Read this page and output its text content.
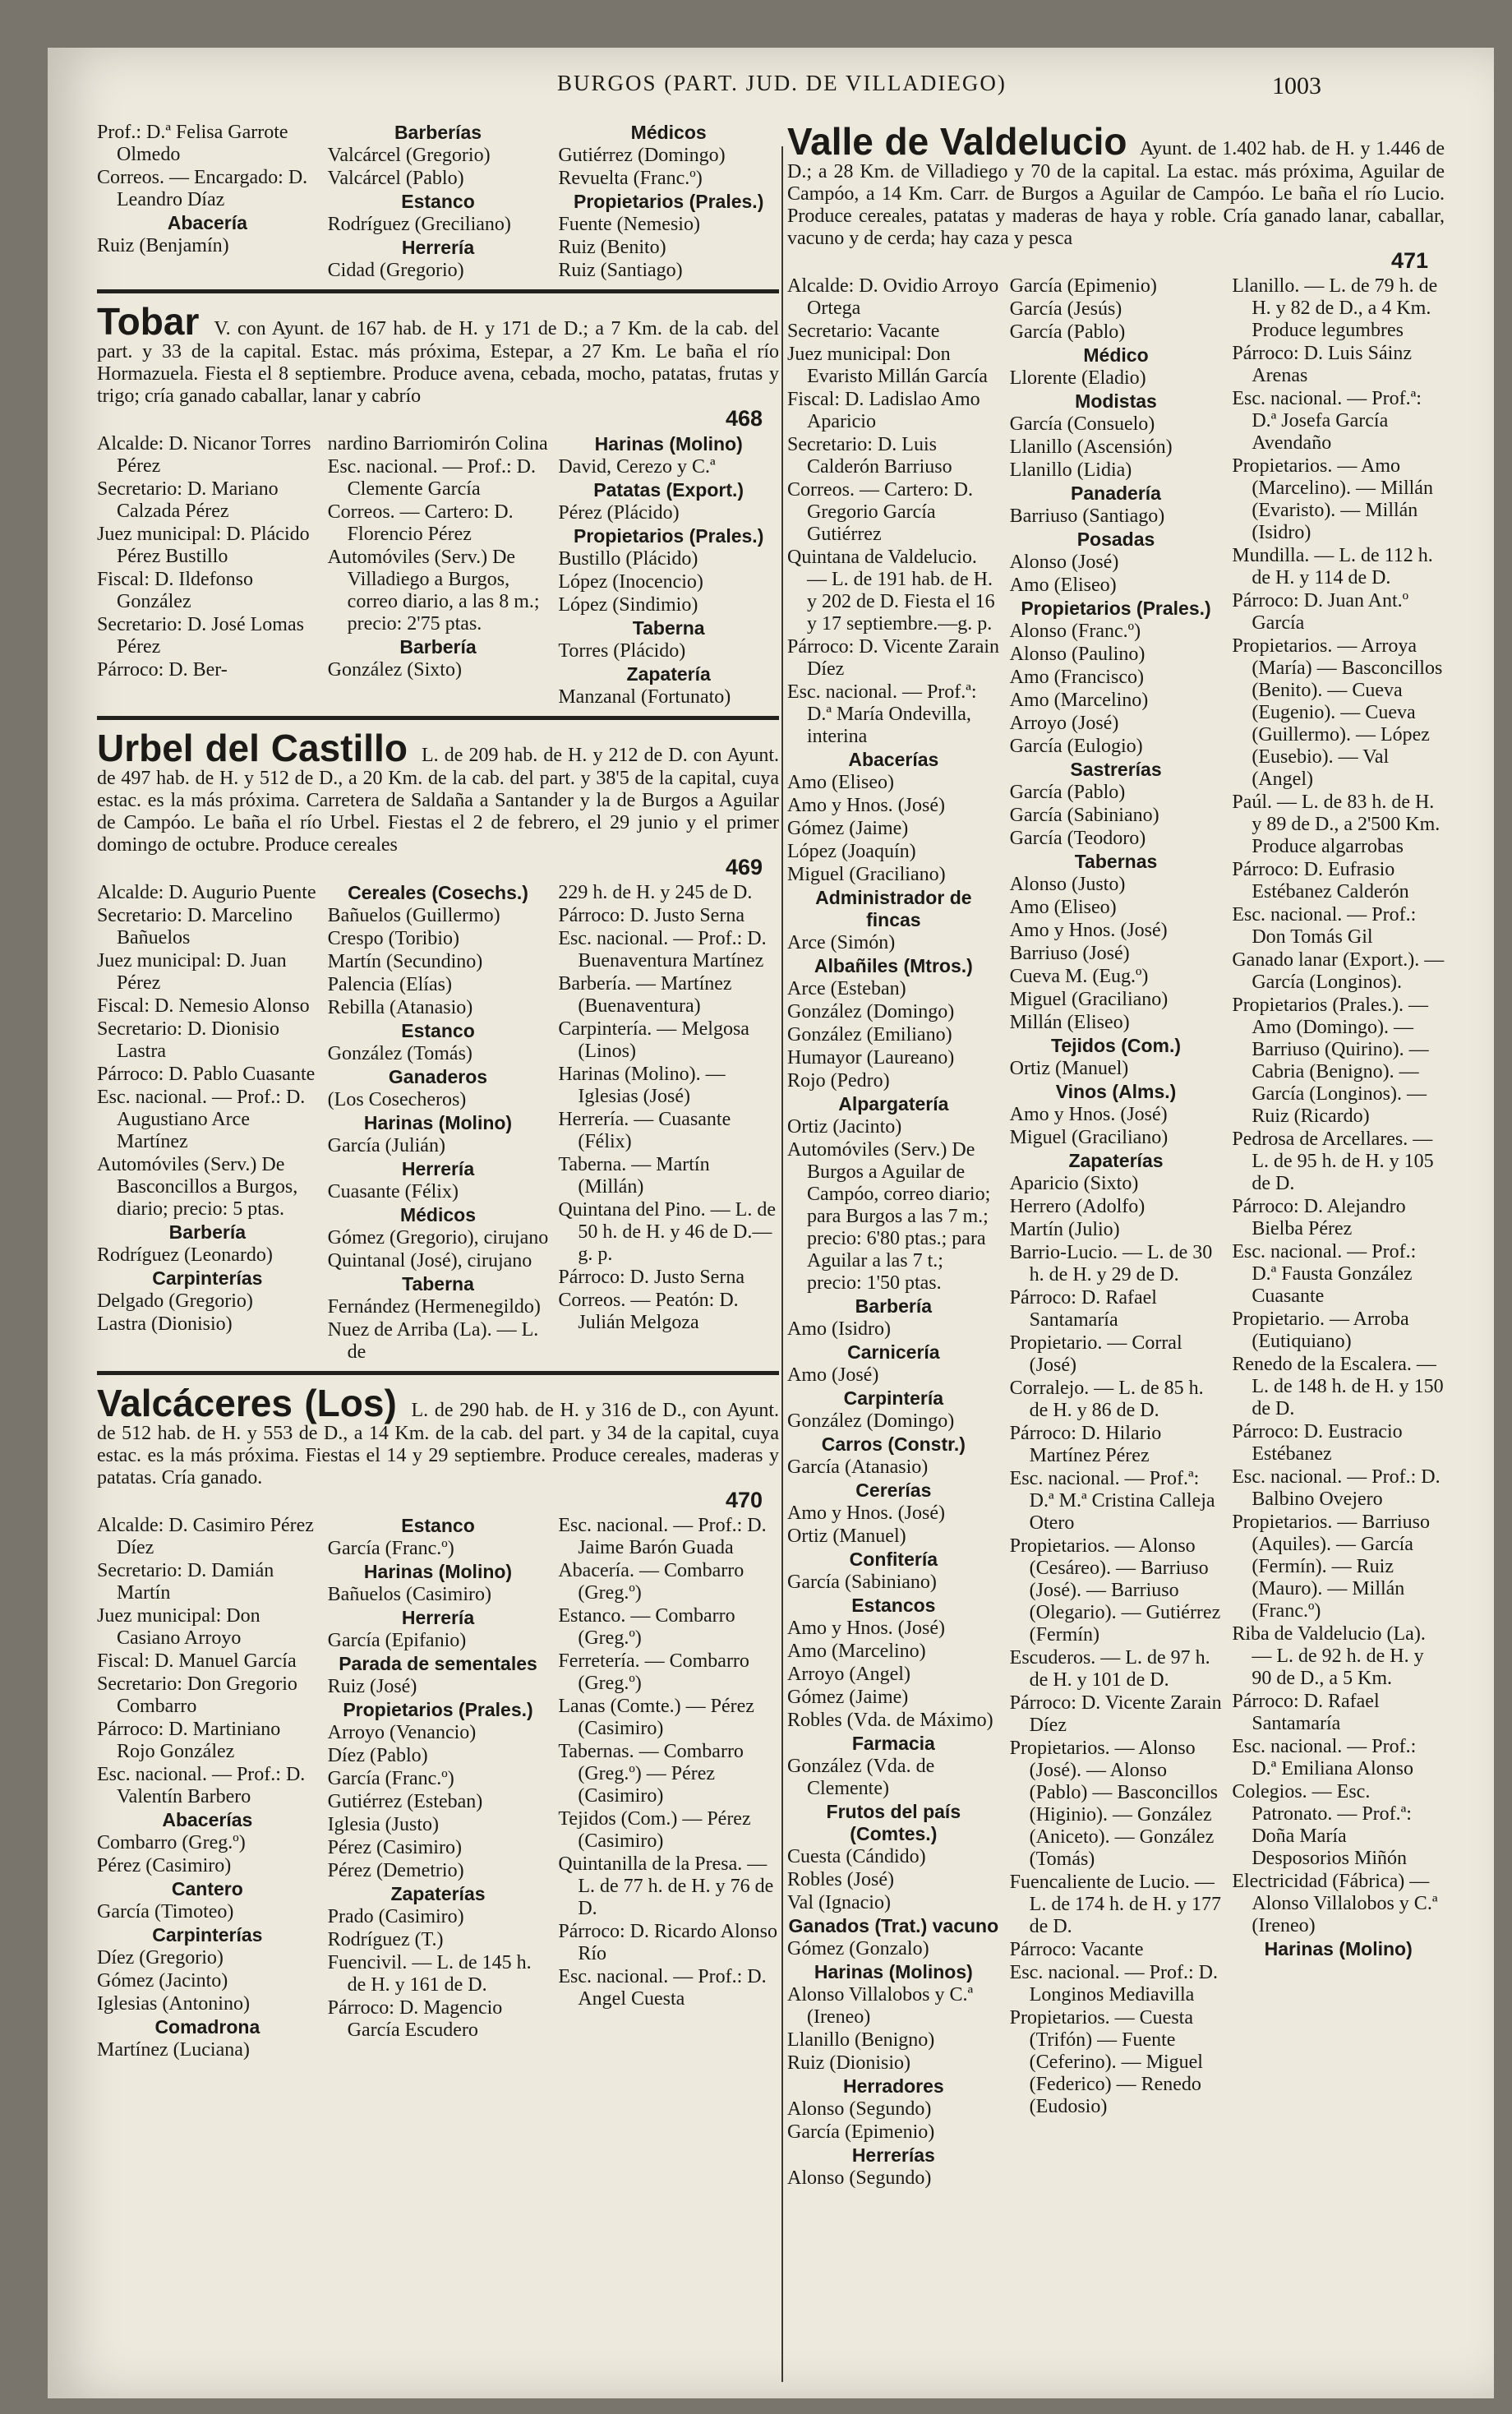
BURGOS (PART. JUD. DE VILLADIEGO)	1003
Prof.: D.ª Felisa Garrote Olmedo
Correos. — Encargado: D. Leandro Díaz
Abacería
Ruiz (Benjamín)
Barberías
Valcárcel (Gregorio)
Valcárcel (Pablo)
Estanco
Rodríguez (Greciliano)
Herrería
Cidad (Gregorio)
Médicos
Gutiérrez (Domingo)
Revuelta (Franc.º)
Propietarios (Prales.)
Fuente (Nemesio)
Ruiz (Benito)
Ruiz (Santiago)
Tobar V. con Ayunt. de 167 hab. de H. y 171 de D.; a 7 Km. de la cab. del part. y 33 de la capital. Estac. más próxima, Estepar, a 27 Km. Le baña el río Hormazuela. Fiesta el 8 septiembre. Produce avena, cebada, mocho, patatas, frutas y trigo; cría ganado caballar, lanar y cabrío
468
Alcalde: D. Nicanor Torres Pérez
Secretario: D. Mariano Calzada Pérez
Juez municipal: D. Plácido Pérez Bustillo
Fiscal: D. Ildefonso González
Secretario: D. José Lomas Pérez
Párroco: D. Ber-
nardino Barriomirón Colina
Esc. nacional. — Prof.: D. Clemente García
Correos. — Cartero: D. Florencio Pérez
Automóviles (Serv.) De Villadiego a Burgos, correo diario, a las 8 m.; precio: 2'75 ptas.
Barbería
González (Sixto)
Harinas (Molino)
David, Cerezo y C.ª
Patatas (Export.)
Pérez (Plácido)
Propietarios (Prales.)
Bustillo (Plácido)
López (Inocencio)
López (Sindimio)
Taberna
Torres (Plácido)
Zapatería
Manzanal (Fortunato)
Urbel del Castillo L. de 209 hab. de H. y 212 de D. con Ayunt. de 497 hab. de H. y 512 de D., a 20 Km. de la cab. del part. y 38'5 de la capital, cuya estac. es la más próxima. Carretera de Saldaña a Santander y la de Burgos a Aguilar de Campóo. Le baña el río Urbel. Fiestas el 2 de febrero, el 29 junio y el primer domingo de octubre. Produce cereales
469
Alcalde: D. Augurio Puente
Secretario: D. Marcelino Bañuelos
Juez municipal: D. Juan Pérez
Fiscal: D. Nemesio Alonso
Secretario: D. Dionisio Lastra
Párroco: D. Pablo Cuasante
Esc. nacional. — Prof.: D. Augustiano Arce Martínez
Automóviles (Serv.) De Basconcillos a Burgos, diario; precio: 5 ptas.
Barbería
Rodríguez (Leonardo)
Carpinterías
Delgado (Gregorio)
Lastra (Dionisio)
Cereales (Cosechs.)
Bañuelos (Guillermo)
Crespo (Toribio)
Martín (Secundino)
Palencia (Elías)
Rebilla (Atanasio)
Estanco
González (Tomás)
Ganaderos
(Los Cosecheros)
Harinas (Molino)
García (Julián)
Herrería
Cuasante (Félix)
Médicos
Gómez (Gregorio), cirujano
Quintanal (José), cirujano
Taberna
Fernández (Hermenegildo)
Nuez de Arriba (La). — L. de
229 h. de H. y 245 de D.
Párroco: D. Justo Serna
Esc. nacional. — Prof.: D. Buenaventura Martínez
Barbería. — Martínez (Buenaventura)
Carpintería. — Melgosa (Linos)
Harinas (Molino). — Iglesias (José)
Herrería. — Cuasante (Félix)
Taberna. — Martín (Millán)
Quintana del Pino. — L. de 50 h. de H. y 46 de D.—g. p.
Párroco: D. Justo Serna
Correos. — Peatón: D. Julián Melgoza
Valcáceres (Los) L. de 290 hab. de H. y 316 de D., con Ayunt. de 512 hab. de H. y 553 de D., a 14 Km. de la cab. del part. y 34 de la capital, cuya estac. es la más próxima. Fiestas el 14 y 29 septiembre. Produce cereales, maderas y patatas. Cría ganado.
470
Alcalde: D. Casimiro Pérez Díez
Secretario: D. Damián Martín
Juez municipal: Don Casiano Arroyo
Fiscal: D. Manuel García
Secretario: Don Gregorio Combarro
Párroco: D. Martiniano Rojo González
Esc. nacional. — Prof.: D. Valentín Barbero
Abacerías
Combarro (Greg.º)
Pérez (Casimiro)
Cantero
García (Timoteo)
Carpinterías
Díez (Gregorio)
Gómez (Jacinto)
Iglesias (Antonino)
Comadrona
Martínez (Luciana)
Estanco
García (Franc.º)
Harinas (Molino)
Bañuelos (Casimiro)
Herrería
García (Epifanio)
Parada de sementales
Ruiz (José)
Propietarios (Prales.)
Arroyo (Venancio)
Díez (Pablo)
García (Franc.º)
Gutiérrez (Esteban)
Iglesia (Justo)
Pérez (Casimiro)
Pérez (Demetrio)
Zapaterías
Prado (Casimiro)
Rodríguez (T.)
Fuencivil. — L. de 145 h. de H. y 161 de D.
Párroco: D. Magencio García Escudero
Esc. nacional. — Prof.: D. Jaime Barón Guada
Abacería. — Combarro (Greg.º)
Estanco. — Combarro (Greg.º)
Ferretería. — Combarro (Greg.º)
Lanas (Comte.) — Pérez (Casimiro)
Tabernas. — Combarro (Greg.º) — Pérez (Casimiro)
Tejidos (Com.) — Pérez (Casimiro)
Quintanilla de la Presa. — L. de 77 h. de H. y 76 de D.
Párroco: D. Ricardo Alonso Río
Esc. nacional. — Prof.: D. Angel Cuesta
Valle de Valdelucio Ayunt. de 1.402 hab. de H. y 1.446 de D.; a 28 Km. de Villadiego y 70 de la capital. La estac. más próxima, Aguilar de Campóo, a 14 Km. Carr. de Burgos a Aguilar de Campóo. Le baña el río Lucio. Produce cereales, patatas y maderas de haya y roble. Cría ganado lanar, caballar, vacuno y de cerda; hay caza y pesca
471
Alcalde: D. Ovidio Arroyo Ortega
Secretario: Vacante
Juez municipal: Don Evaristo Millán García
Fiscal: D. Ladislao Amo Aparicio
Secretario: D. Luis Calderón Barriuso
Correos. — Cartero: D. Gregorio García Gutiérrez
Quintana de Valdelucio. — L. de 191 hab. de H. y 202 de D. Fiesta el 16 y 17 septiembre.—g. p.
Párroco: D. Vicente Zarain Díez
Esc. nacional. — Prof.ª: D.ª María Ondevilla, interina
Abacerías
Amo (Eliseo)
Amo y Hnos. (José)
Gómez (Jaime)
López (Joaquín)
Miguel (Graciliano)
Administrador de fincas
Arce (Simón)
Albañiles (Mtros.)
Arce (Esteban)
González (Domingo)
González (Emiliano)
Humayor (Laureano)
Rojo (Pedro)
Alpargatería
Ortiz (Jacinto)
Automóviles (Serv.) De Burgos a Aguilar de Campóo, correo diario; para Burgos a las 7 m.; precio: 6'80 ptas.; para Aguilar a las 7 t.; precio: 1'50 ptas.
Barbería
Amo (Isidro)
Carnicería
Amo (José)
Carpintería
González (Domingo)
Carros (Constr.)
García (Atanasio)
Cererías
Amo y Hnos. (José)
Ortiz (Manuel)
Confitería
García (Sabiniano)
Estancos
Amo y Hnos. (José)
Amo (Marcelino)
Arroyo (Angel)
Gómez (Jaime)
Robles (Vda. de Máximo)
Farmacia
González (Vda. de Clemente)
Frutos del país (Comtes.)
Cuesta (Cándido)
Robles (José)
Val (Ignacio)
Ganados (Trat.) vacuno
Gómez (Gonzalo)
Harinas (Molinos)
Alonso Villalobos y C.ª (Ireneo)
Llanillo (Benigno)
Ruiz (Dionisio)
Herradores
Alonso (Segundo)
García (Epimenio)
Herrerías
Alonso (Segundo)
García (Epimenio)
García (Jesús)
García (Pablo)
Médico
Llorente (Eladio)
Modistas
García (Consuelo)
Llanillo (Ascensión)
Llanillo (Lidia)
Panadería
Barriuso (Santiago)
Posadas
Alonso (José)
Amo (Eliseo)
Propietarios (Prales.)
Alonso (Franc.º)
Alonso (Paulino)
Amo (Francisco)
Amo (Marcelino)
Arroyo (José)
García (Eulogio)
Sastrerías
García (Pablo)
García (Sabiniano)
García (Teodoro)
Tabernas
Alonso (Justo)
Amo (Eliseo)
Amo y Hnos. (José)
Barriuso (José)
Cueva M. (Eug.º)
Miguel (Graciliano)
Millán (Eliseo)
Tejidos (Com.)
Ortiz (Manuel)
Vinos (Alms.)
Amo y Hnos. (José)
Miguel (Graciliano)
Zapaterías
Aparicio (Sixto)
Herrero (Adolfo)
Martín (Julio)
Barrio-Lucio. — L. de 30 h. de H. y 29 de D.
Párroco: D. Rafael Santamaría
Propietario. — Corral (José)
Corralejo. — L. de 85 h. de H. y 86 de D.
Párroco: D. Hilario Martínez Pérez
Esc. nacional. — Prof.ª: D.ª M.ª Cristina Calleja Otero
Propietarios. — Alonso (Cesáreo). — Barriuso (José). — Barriuso (Olegario). — Gutiérrez (Fermín)
Escuderos. — L. de 97 h. de H. y 101 de D.
Párroco: D. Vicente Zarain Díez
Propietarios. — Alonso (José). — Alonso (Pablo) — Basconcillos (Higinio). — González (Aniceto). — González (Tomás)
Fuencaliente de Lucio. — L. de 174 h. de H. y 177 de D.
Párroco: Vacante
Esc. nacional. — Prof.: D. Longinos Mediavilla
Propietarios. — Cuesta (Trifón) — Fuente (Ceferino). — Miguel (Federico) — Renedo (Eudosio)
Llanillo. — L. de 79 h. de H. y 82 de D., a 4 Km. Produce legumbres
Párroco: D. Luis Sáinz Arenas
Esc. nacional. — Prof.ª: D.ª Josefa García Avendaño
Propietarios. — Amo (Marcelino). — Millán (Evaristo). — Millán (Isidro)
Mundilla. — L. de 112 h. de H. y 114 de D.
Párroco: D. Juan Ant.º García
Propietarios. — Arroya (María) — Basconcillos (Benito). — Cueva (Eugenio). — Cueva (Guillermo). — López (Eusebio). — Val (Angel)
Paúl. — L. de 83 h. de H. y 89 de D., a 2'500 Km. Produce algarrobas
Párroco: D. Eufrasio Estébanez Calderón
Esc. nacional. — Prof.: Don Tomás Gil
Ganado lanar (Export.). — García (Longinos).
Propietarios (Prales.). — Amo (Domingo). — Barriuso (Quirino). — Cabria (Benigno). — García (Longinos). — Ruiz (Ricardo)
Pedrosa de Arcellares. — L. de 95 h. de H. y 105 de D.
Párroco: D. Alejandro Bielba Pérez
Esc. nacional. — Prof.: D.ª Fausta González Cuasante
Propietario. — Arroba (Eutiquiano)
Renedo de la Escalera. — L. de 148 h. de H. y 150 de D.
Párroco: D. Eustracio Estébanez
Esc. nacional. — Prof.: D. Balbino Ovejero
Propietarios. — Barriuso (Aquiles). — García (Fermín). — Ruiz (Mauro). — Millán (Franc.º)
Riba de Valdelucio (La). — L. de 92 h. de H. y 90 de D., a 5 Km.
Párroco: D. Rafael Santamaría
Esc. nacional. — Prof.: D.ª Emiliana Alonso
Colegios. — Esc. Patronato. — Prof.ª: Doña María Desposorios Miñón
Electricidad (Fábrica) — Alonso Villalobos y C.ª (Ireneo)
Harinas (Molino)
